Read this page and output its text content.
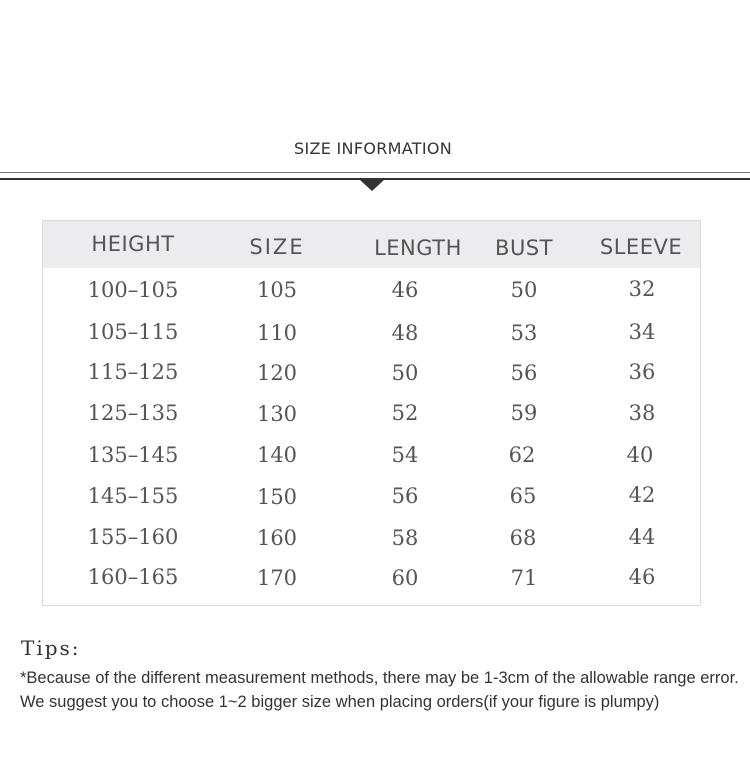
SIZE INFORMATION
HEIGHT	SIZE	LENGTH	BUST	SLEEVE
100–105	105	46	50	32
105–115	110	48	53	34
115–125	120	50	56	36
125–135	130	52	59	38
135–145	140	54	62	40
145–155	150	56	65	42
155–160	160	58	68	44
160–165	170	60	71	46
Tips:
*Because of the different measurement methods, there may be 1-3cm of the allowable range error.
We suggest you to choose 1~2 bigger size when placing orders(if your figure is plumpy)
